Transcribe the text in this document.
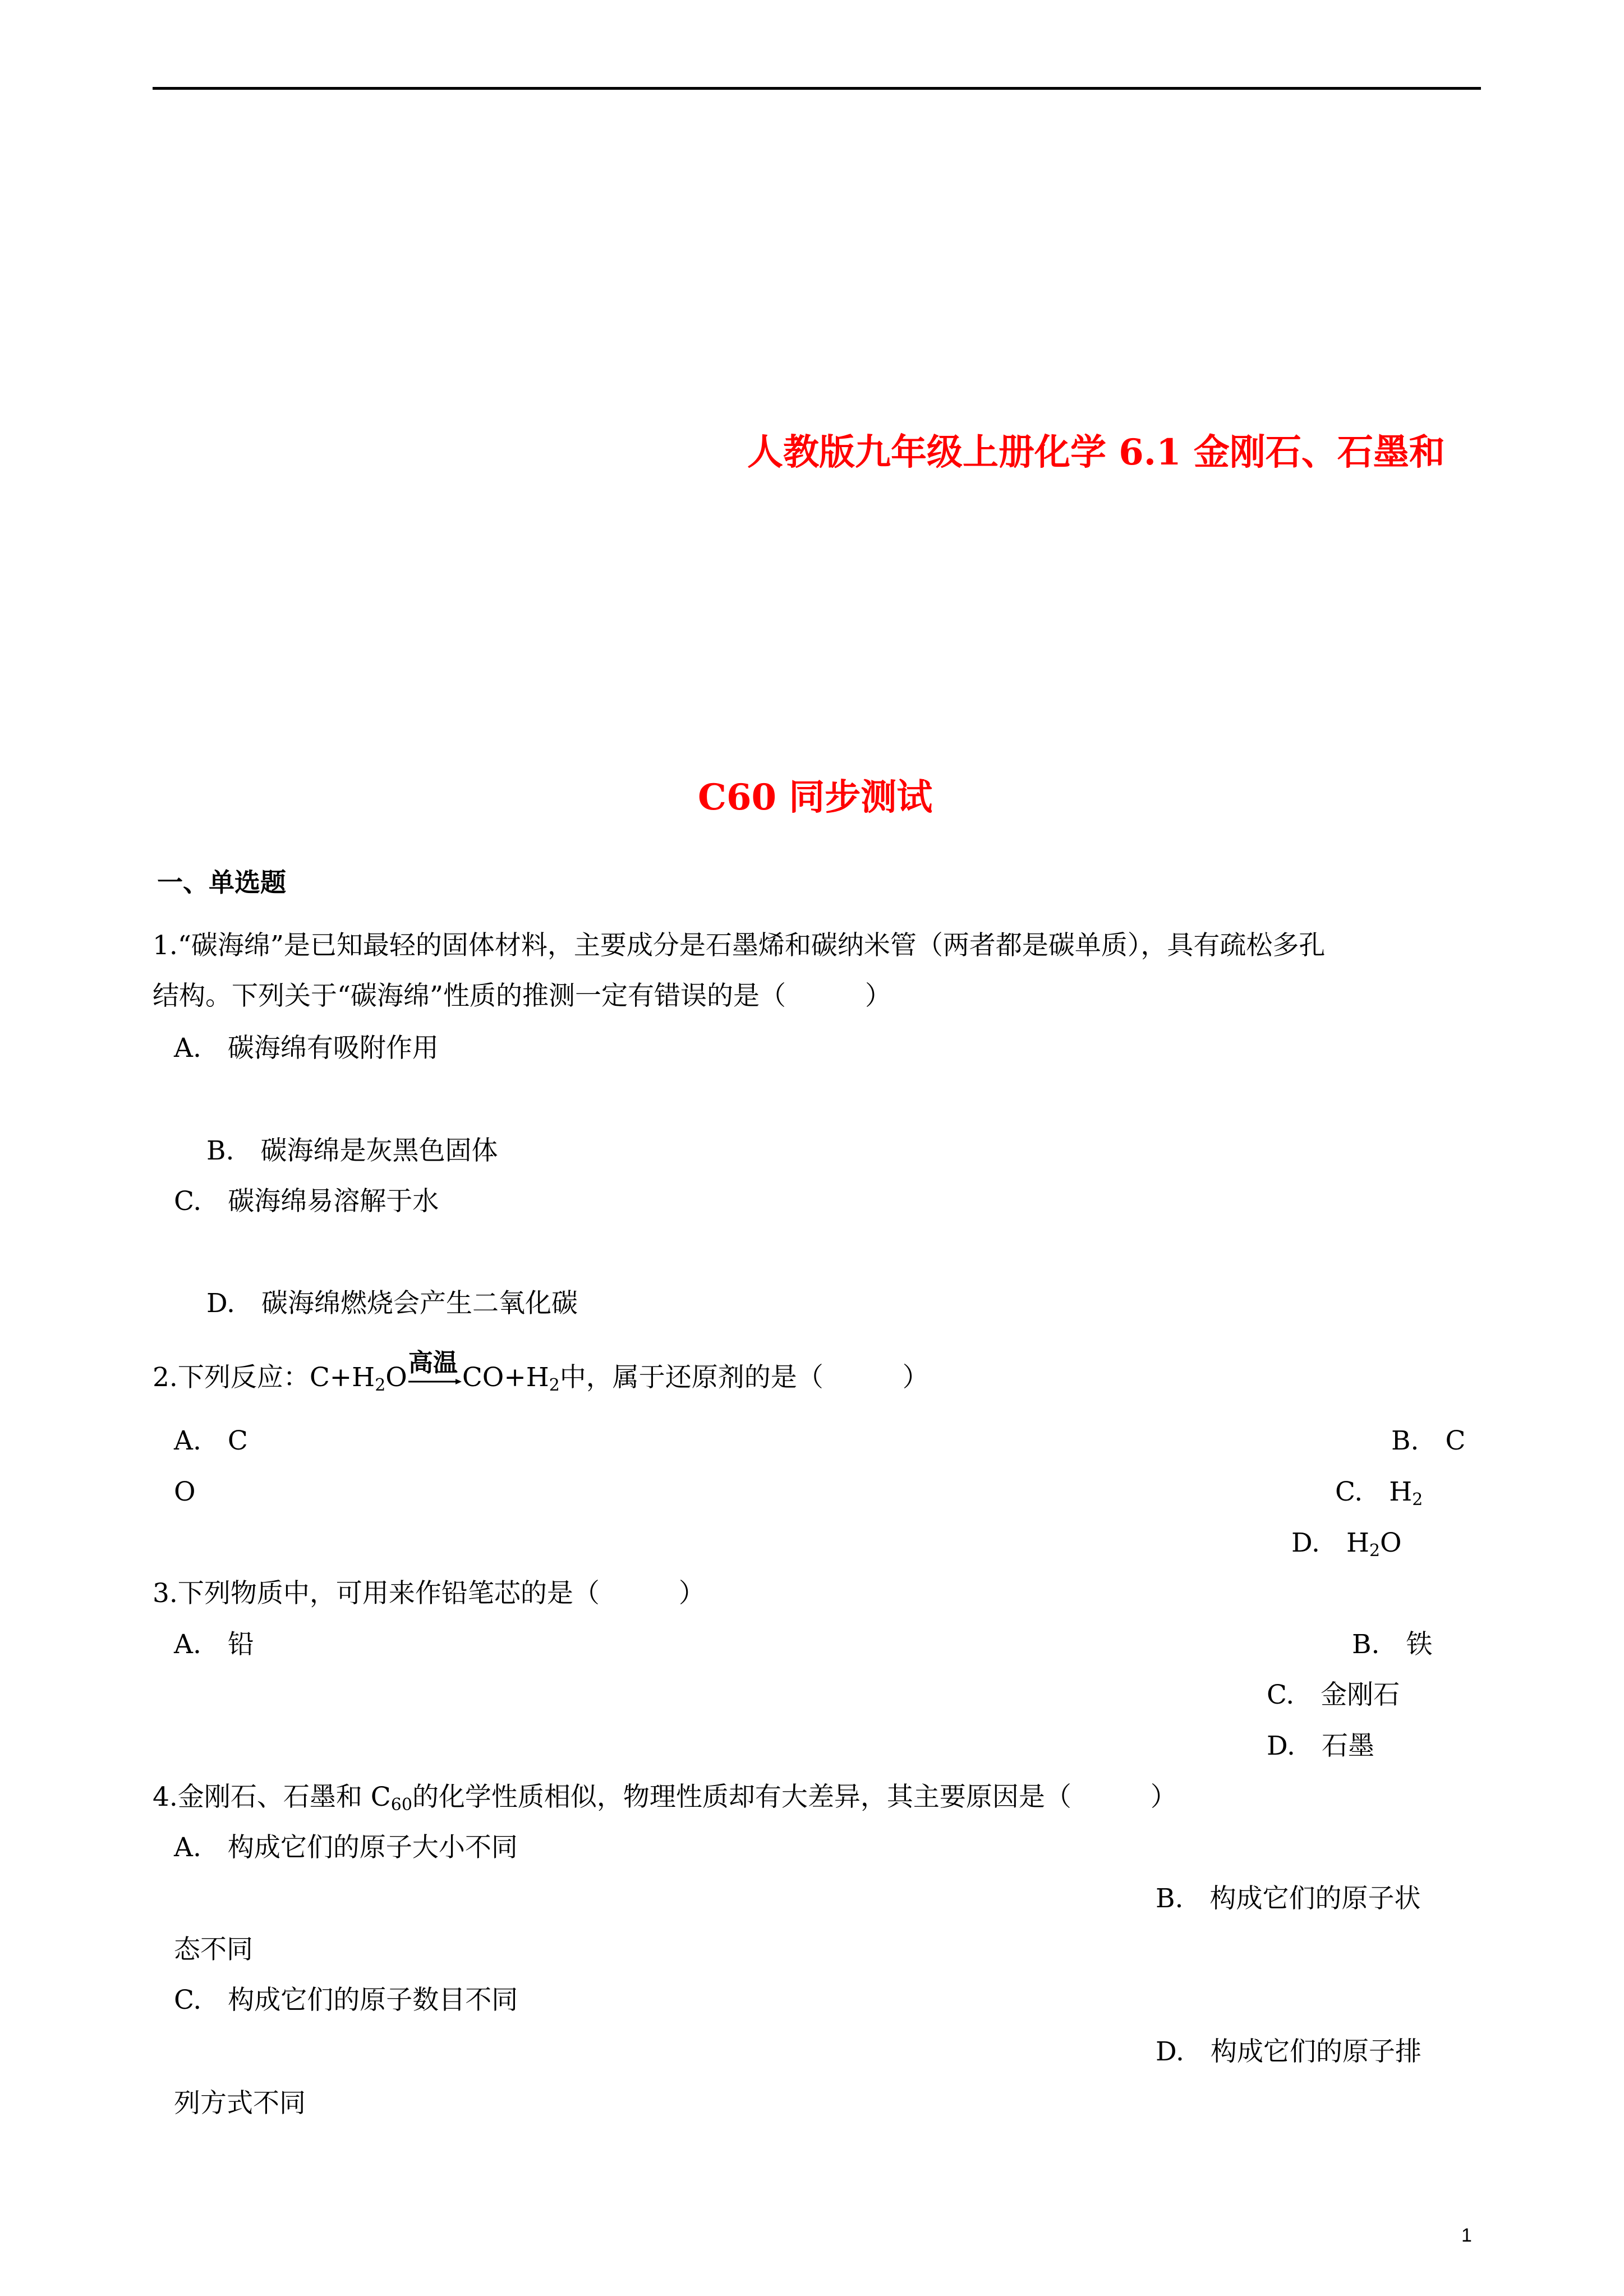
人教版九年级上册化学 6.1 金刚石、石墨和
C60 同步测试
一、单选题
1.“碳海绵”是已知最轻的固体材料，主要成分是石墨烯和碳纳米管（两者都是碳单质），具有疏松多孔
结构。下列关于“碳海绵”性质的推测一定有错误的是（　　　）
A.　碳海绵有吸附作用
B.　碳海绵是灰黑色固体
C.　碳海绵易溶解于水
D.　碳海绵燃烧会产生二氧化碳
2.下列反应：$C+H_2O$ 高温 $CO+H_2$中，属于还原剂的是（　　　）
A.　C	B.　C
O	C.　$H_2$
D.　$H_2O$
3.下列物质中，可用来作铅笔芯的是（　　　）
A.　铅	B.　铁
C.　金刚石
D.　石墨
4.金刚石、石墨和 $C_{60}$的化学性质相似，物理性质却有大差异，其主要原因是（　　　）
A.　构成它们的原子大小不同
B.　构成它们的原子状
态不同
C.　构成它们的原子数目不同
D.　构成它们的原子排
列方式不同
1
